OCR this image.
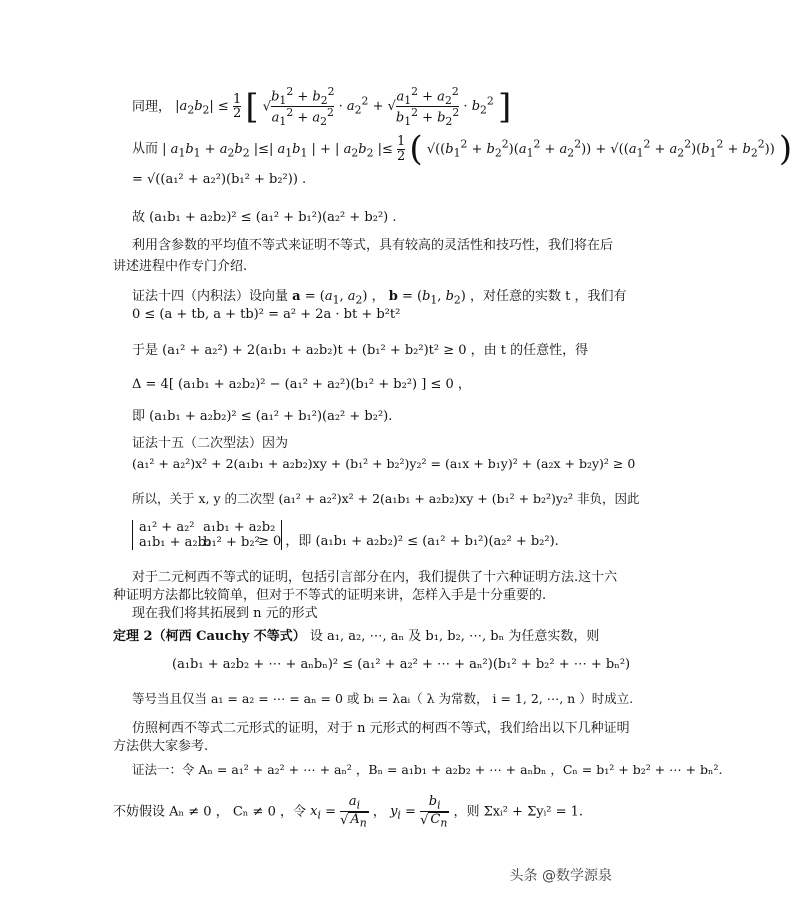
同理， $|a_2b_2| \le \frac{1}{2}$ [ √ $\frac{b_1^2 + b_2^2}{a_1^2 + a_2^2} \cdot a_2^2$ + √ $\frac{a_1^2 + a_2^2}{b_1^2 + b_2^2} \cdot b_2^2$ ]
从而 | $a_1b_1 + a_2b_2$ |≤| $a_1b_1$ | + | $a_2b_2$ |≤ $\frac{1}{2}$ ( $√((b_1^2 + b_2^2)(a_1^2 + a_2^2)) + √((a_1^2 + a_2^2)(b_1^2 + b_2^2))$ )
= √((a₁² + a₂²)(b₁² + b₂²)) .
故 (a₁b₁ + a₂b₂)² ≤ (a₁² + b₁²)(a₂² + b₂²) .
利用含参数的平均值不等式来证明不等式，具有较高的灵活性和技巧性，我们将在后
讲述进程中作专门介绍.
证法十四（内积法）设向量 $a = (a_1$, $a_2$) ， $b = (b_1$, $b_2$) ，对任意的实数 t ，我们有
0 ≤ (a + tb, a + tb)² = a² + 2a · bt + b²t²
于是 (a₁² + a₂²) + 2(a₁b₁ + a₂b₂)t + (b₁² + b₂²)t² ≥ 0 ，由 t 的任意性，得
Δ = 4[ (a₁b₁ + a₂b₂)² − (a₁² + a₂²)(b₁² + b₂²) ] ≤ 0 ，
即 (a₁b₁ + a₂b₂)² ≤ (a₁² + b₁²)(a₂² + b₂²).
证法十五（二次型法）因为
(a₁² + a₂²)x² + 2(a₁b₁ + a₂b₂)xy + (b₁² + b₂²)y₂² = (a₁x + b₁y)² + (a₂x + b₂y)² ≥ 0
所以，关于 x, y 的二次型 (a₁² + a₂²)x² + 2(a₁b₁ + a₂b₂)xy + (b₁² + b₂²)y₂² 非负，因此
a₁² + a₂² a₁b₁ + a₂b₂
a₁b₁ + a₂b₂ b₁² + b₂²
≥ 0 ，即 (a₁b₁ + a₂b₂)² ≤ (a₁² + b₁²)(a₂² + b₂²).
对于二元柯西不等式的证明，包括引言部分在内，我们提供了十六种证明方法.这十六
种证明方法都比较简单，但对于不等式的证明来讲，怎样入手是十分重要的.
现在我们将其拓展到 n 元的形式
定理 2（柯西 Cauchy 不等式） 设 a₁, a₂, ⋯, aₙ 及 b₁, b₂, ⋯, bₙ 为任意实数，则
(a₁b₁ + a₂b₂ + ⋯ + aₙbₙ)² ≤ (a₁² + a₂² + ⋯ + aₙ²)(b₁² + b₂² + ⋯ + bₙ²)
等号当且仅当 a₁ = a₂ = ⋯ = aₙ = 0 或 bᵢ = λaᵢ（ λ 为常数， i = 1, 2, ⋯, n ）时成立.
仿照柯西不等式二元形式的证明，对于 n 元形式的柯西不等式，我们给出以下几种证明
方法供大家参考.
证法一：令 Aₙ = a₁² + a₂² + ⋯ + aₙ² ，Bₙ = a₁b₁ + a₂b₂ + ⋯ + aₙbₙ ，Cₙ = b₁² + b₂² + ⋯ + bₙ².
不妨假设 Aₙ ≠ 0 ， Cₙ ≠ 0 ，令 $x_i = \frac{a_i}{√ A_n}$ ， $y_i = \frac{b_i}{√ C_n}$ ，则 Σxᵢ² + Σyᵢ² = 1.
头条 @数学源泉
